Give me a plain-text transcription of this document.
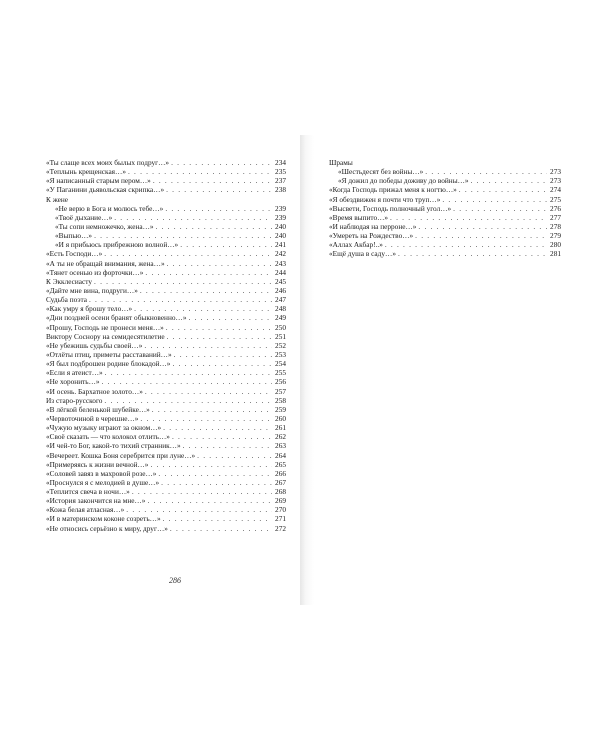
«Ты слаще всех моих былых подруг…» . . .	234
«Теплынь крещенская…» . . .	235
«Я написанный старым пером…» . . .	237
«У Паганини дьявольская скрипка…» . . .	238
К жене
«Не верю в Бога и молюсь тебе…» . . .	239
«Твоё дыхание…» . . .	239
«Ты сопи немножечко, жена…» . . .	240
«Выпью…» . . .	240
«И я прибьюсь прибрежною волной…» . . .	241
«Есть Господи…» . . .	242
«А ты не обращай внимания, жена…» . . .	243
«Тянет осенью из форточки…» . . .	244
К Экклесиасту . . .	245
«Дайте мне вина, подруги…» . . .	246
Судьба поэта . . .	247
«Как умру я брошу тело…» . . .	248
«Дни поздней осени бранят обыкновенно…» . . .	249
«Прошу, Господь не пронеси меня…» . . .	250
Виктору Соснору на семидесятилетие . . .	251
«Не убежишь судьбы своей…» . . .	252
«Отлёты птиц, приметы расставаний…» . . .	253
«Я был подброшен родине блокадой…» . . .	254
«Если я атеист…» . . .	255
«Не хоронить…» . . .	256
«И осень. Бархатное золото…» . . .	257
Из старо-русского . . .	258
«В лёгкой беленькой шубейке…» . . .	259
«Червоточиной в черешне…» . . .	260
«Чужую музыку играют за окном…» . . .	261
«Своё сказать — что колокол отлить…» . . .	262
«И чей-то Бог, какой-то тихий странник…» . . .	263
«Вечереет. Кошка Боня серебрится при луне…» . . .	264
«Примеряясь к жизни вечной…» . . .	265
«Соловей завяз в махровой розе…» . . .	266
«Проснулся я с мелодией в душе…» . . .	267
«Теплится свеча в ночи…» . . .	268
«История закончится на мне…» . . .	269
«Кожа белая атласная…» . . .	270
«И в материнском коконе созреть…» . . .	271
«Не относись серьёзно к миру, друг…» . . .	272
Шрамы
«Шестьдесят без войны…» . . .	273
«Я дожил до победы доживу до войны…» . . .	273
«Когда Господь прижал меня к ногтю…» . . .	274
«Я обездвижен я почти что труп…» . . .	275
«Высвети, Господь полночный угол…» . . .	276
«Время выпито…» . . .	277
«И наблюдая на перроне…» . . .	278
«Умереть на Рождество…» . . .	279
«Аллах Акбар!..» . . .	280
«Ещё душа в саду…» . . .	281
286
